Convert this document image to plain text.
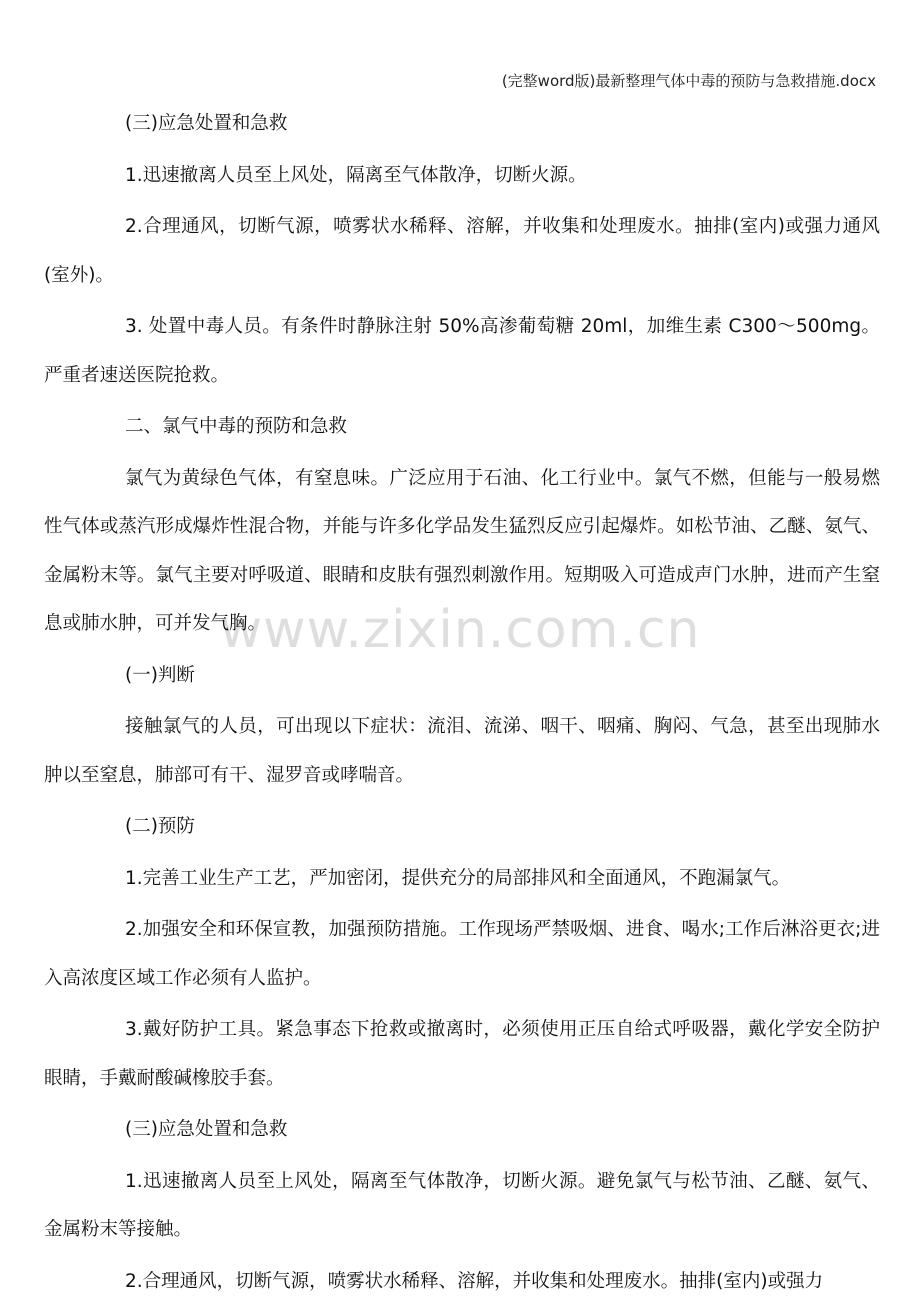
(完整word版)最新整理气体中毒的预防与急救措施.docx
www.zixin.com.cn

(三)应急处置和急救

1.迅速撤离人员至上风处，隔离至气体散净，切断火源。

2.合理通风，切断气源，喷雾状水稀释、溶解，并收集和处理废水。抽排(室内)或强力通风(室外)。

3. 处置中毒人员。有条件时静脉注射 50%高渗葡萄糖 20ml，加维生素 C300～500mg。严重者速送医院抢救。

二、氯气中毒的预防和急救

氯气为黄绿色气体，有窒息味。广泛应用于石油、化工行业中。氯气不燃，但能与一般易燃性气体或蒸汽形成爆炸性混合物，并能与许多化学品发生猛烈反应引起爆炸。如松节油、乙醚、氨气、金属粉末等。氯气主要对呼吸道、眼睛和皮肤有强烈刺激作用。短期吸入可造成声门水肿，进而产生窒息或肺水肿，可并发气胸。

(一)判断

接触氯气的人员，可出现以下症状：流泪、流涕、咽干、咽痛、胸闷、气急，甚至出现肺水肿以至窒息，肺部可有干、湿罗音或哮喘音。

(二)预防

1.完善工业生产工艺，严加密闭，提供充分的局部排风和全面通风，不跑漏氯气。

2.加强安全和环保宣教，加强预防措施。工作现场严禁吸烟、进食、喝水;工作后淋浴更衣;进入高浓度区域工作必须有人监护。

3.戴好防护工具。紧急事态下抢救或撤离时，必须使用正压自给式呼吸器，戴化学安全防护眼睛，手戴耐酸碱橡胶手套。

(三)应急处置和急救

1.迅速撤离人员至上风处，隔离至气体散净，切断火源。避免氯气与松节油、乙醚、氨气、金属粉末等接触。

2.合理通风，切断气源，喷雾状水稀释、溶解，并收集和处理废水。抽排(室内)或强力
